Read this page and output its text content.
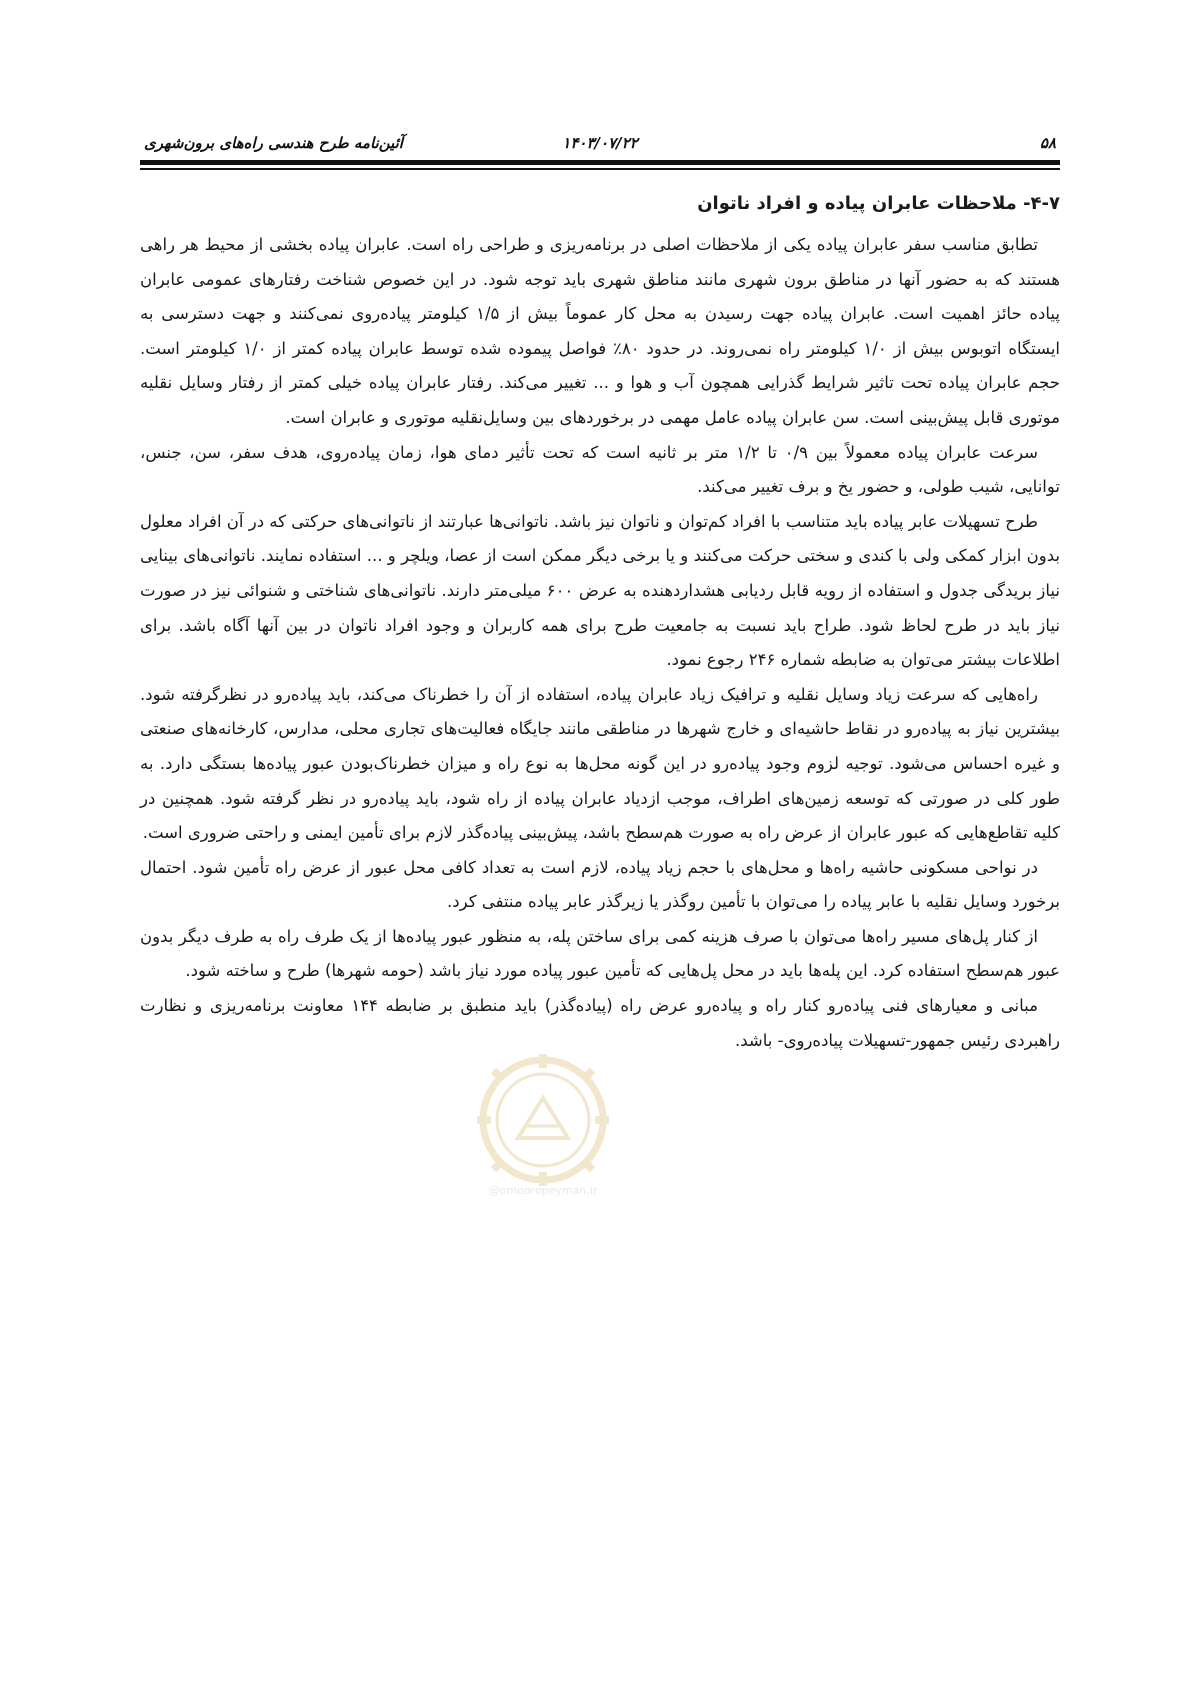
۵۸
۱۴۰۳/۰۷/۲۲
آئین‌نامه طرح هندسی راه‌های برون‌شهری
۴-۷- ملاحظات عابران پیاده و افراد ناتوان

تطابق مناسب سفر عابران پیاده یکی از ملاحظات اصلی در برنامه‌ریزی و طراحی راه است. عابران پیاده بخشی از محیط هر راهی هستند که به حضور آنها در مناطق برون شهری مانند مناطق شهری باید توجه شود. در این خصوص شناخت رفتارهای عمومی عابران پیاده حائز اهمیت است. عابران پیاده جهت رسیدن به محل کار عموماً بیش از ۱/۵ کیلومتر پیاده‌روی نمی‌کنند و جهت دسترسی به ایستگاه اتوبوس بیش از ۱/۰ کیلومتر راه نمی‌روند. در حدود ۸۰٪ فواصل پیموده شده توسط عابران پیاده کمتر از ۱/۰ کیلومتر است. حجم عابران پیاده تحت تاثیر شرایط گذرایی همچون آب و هوا و ... تغییر می‌کند. رفتار عابران پیاده خیلی کمتر از رفتار وسایل نقلیه موتوری قابل پیش‌بینی است. سن عابران پیاده عامل مهمی در برخوردهای بین وسایل‌نقلیه موتوری و عابران است.

سرعت عابران پیاده معمولاً بین ۰/۹ تا ۱/۲ متر بر ثانیه است که تحت تأثیر دمای هوا، زمان پیاده‌روی، هدف سفر، سن، جنس، توانایی، شیب طولی، و حضور یخ و برف تغییر می‌کند.

طرح تسهیلات عابر پیاده باید متناسب با افراد کم‌توان و ناتوان نیز باشد. ناتوانی‌ها عبارتند از ناتوانی‌های حرکتی که در آن افراد معلول بدون ابزار کمکی ولی با کندی و سختی حرکت می‌کنند و یا برخی دیگر ممکن است از عصا، ویلچر و ... استفاده نمایند. ناتوانی‌های بینایی نیاز بریدگی جدول و استفاده از رویه قابل ردیابی هشداردهنده به عرض ۶۰۰ میلی‌متر دارند. ناتوانی‌های شناختی و شنوائی نیز در صورت نیاز باید در طرح لحاظ شود. طراح باید نسبت به جامعیت طرح برای همه کاربران و وجود افراد ناتوان در بین آنها آگاه باشد. برای اطلاعات بیشتر می‌توان به ضابطه شماره ۲۴۶ رجوع نمود.

راه‌هایی که سرعت زیاد وسایل نقلیه و ترافیک زیاد عابران پیاده، استفاده از آن را خطرناک می‌کند، باید پیاده‌رو در نظرگرفته شود. بیشترین نیاز به پیاده‌رو در نقاط حاشیه‌ای و خارج شهرها در مناطقی مانند جایگاه فعالیت‌های تجاری محلی، مدارس، کارخانه‌های صنعتی و غیره احساس می‌شود. توجیه لزوم وجود پیاده‌رو در این گونه محل‌ها به نوع راه و میزان خطرناک‌بودن عبور پیاده‌ها بستگی دارد. به طور کلی در صورتی که توسعه زمین‌های اطراف، موجب ازدیاد عابران پیاده از راه شود، باید پیاده‌رو در نظر گرفته شود. همچنین در کلیه تقاطع‌هایی که عبور عابران از عرض راه به صورت هم‌سطح باشد، پیش‌بینی پیاده‌گذر لازم برای تأمین ایمنی و راحتی ضروری است.

در نواحی مسکونی حاشیه راه‌ها و محل‌های با حجم زیاد پیاده، لازم است به تعداد کافی محل عبور از عرض راه تأمین شود. احتمال برخورد وسایل نقلیه با عابر پیاده را می‌توان با تأمین روگذر یا زیرگذر عابر پیاده منتفی کرد.

از کنار پل‌های مسیر راه‌ها می‌توان با صرف هزینه کمی برای ساختن پله، به منظور عبور پیاده‌ها از یک طرف راه به طرف دیگر بدون عبور هم‌سطح استفاده کرد. این پله‌ها باید در محل پل‌هایی که تأمین عبور پیاده مورد نیاز باشد (حومه شهرها) طرح و ساخته شود.

مبانی و معیارهای فنی پیاده‌رو کنار راه و پیاده‌رو عرض راه (پیاده‌گذر) باید منطبق بر ضابطه ۱۴۴ معاونت برنامه‌ریزی و نظارت راهبردی رئیس جمهور-تسهیلات پیاده‌روی- باشد.

@omoorepeyman.ir
